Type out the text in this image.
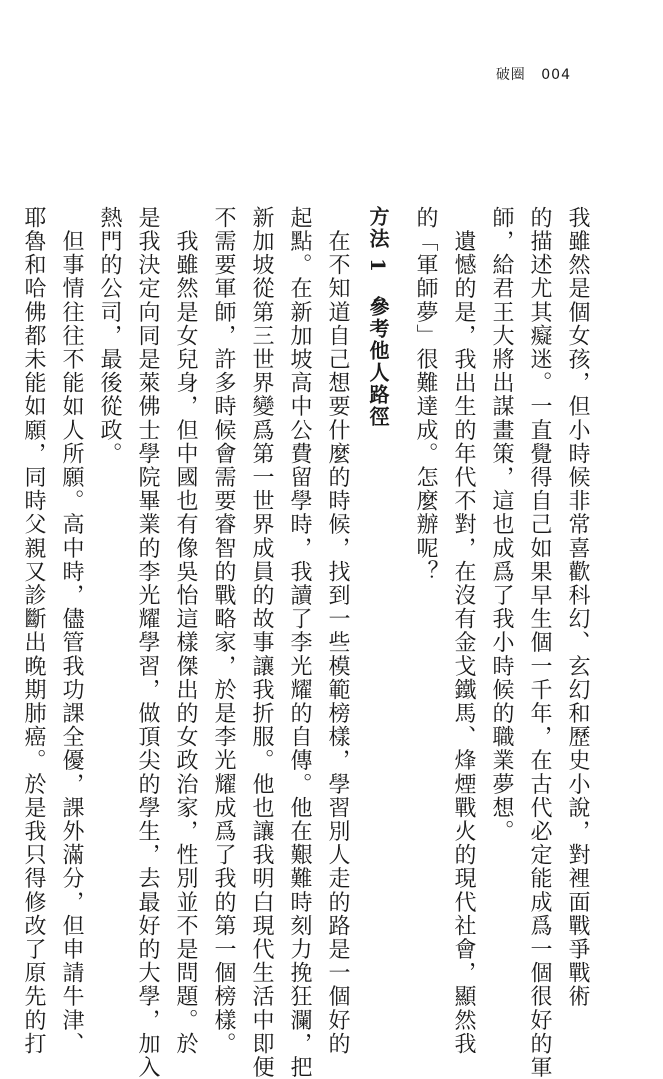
破圈 004
我雖然是個女孩，但小時候非常喜歡科幻、玄幻和歷史小說，對裡面戰爭戰術
的描述尤其癡迷。一直覺得自己如果早生個一千年，在古代必定能成爲一個很好的軍
師，給君王大將出謀畫策，這也成爲了我小時候的職業夢想。
　遺憾的是，我出生的年代不對，在沒有金戈鐵馬、烽煙戰火的現代社會，顯然我
的「軍師夢」很難達成。怎麼辦呢？
方法1參考他人路徑
　在不知道自己想要什麼的時候，找到一些模範榜樣，學習別人走的路是一個好的
起點。在新加坡高中公費留學時，我讀了李光耀的自傳。他在艱難時刻力挽狂瀾，把
新加坡從第三世界變爲第一世界成員的故事讓我折服。他也讓我明白現代生活中即便
不需要軍師，許多時候會需要睿智的戰略家，於是李光耀成爲了我的第一個榜樣。
　我雖然是女兒身，但中國也有像吳怡這樣傑出的女政治家，性別並不是問題。於
是我決定向同是萊佛士學院畢業的李光耀學習，做頂尖的學生，去最好的大學，加入
熱門的公司，最後從政。
　但事情往往不能如人所願。高中時，儘管我功課全優，課外滿分，但申請牛津、
耶魯和哈佛都未能如願，同時父親又診斷出晚期肺癌。於是我只得修改了原先的打
